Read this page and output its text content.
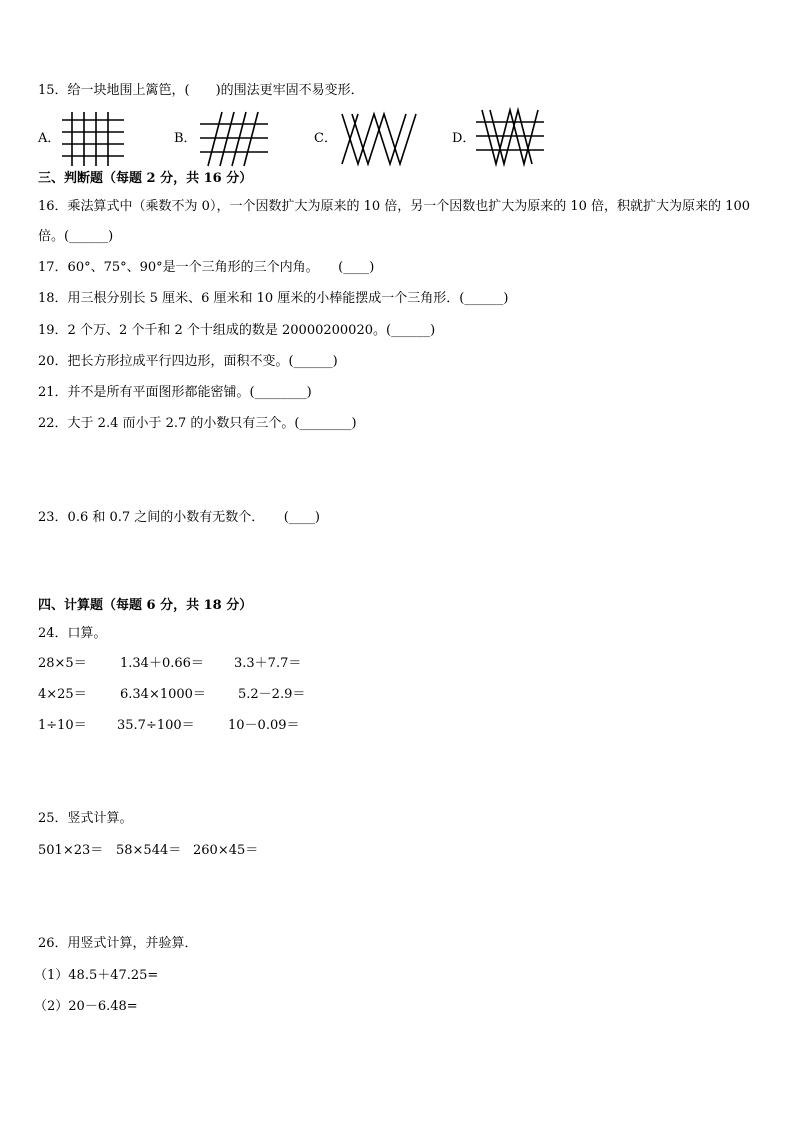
15．给一块地围上篱笆，(　　)的围法更牢固不易变形．
A．	B．	C．	D．
三、判断题（每题 2 分，共 16 分）
16．乘法算式中（乘数不为 0），一个因数扩大为原来的 10 倍，另一个因数也扩大为原来的 10 倍，积就扩大为原来的 100
倍。(______)
17．60°、75°、90°是一个三角形的三个内角。　　(____)
18．用三根分别长 5 厘米、6 厘米和 10 厘米的小棒能摆成一个三角形．(______)
19．2 个万、2 个千和 2 个十组成的数是 20000200020。(______)
20．把长方形拉成平行四边形，面积不变。(______)
21．并不是所有平面图形都能密铺。(________)
22．大于 2.4 而小于 2.7 的小数只有三个。(________)
23．0.6 和 0.7 之间的小数有无数个．　　(____)
四、计算题（每题 6 分，共 18 分）
24．口算。
28×5＝	1.34＋0.66＝ 3.3＋7.7＝
4×25＝	6.34×1000＝ 5.2－2.9＝
1÷10＝ 35.7÷100＝	10－0.09＝
25．竖式计算。
501×23＝ 58×544＝ 260×45＝
26．用竖式计算，并验算．
（1）48.5＋47.25=
（2）20－6.48=
